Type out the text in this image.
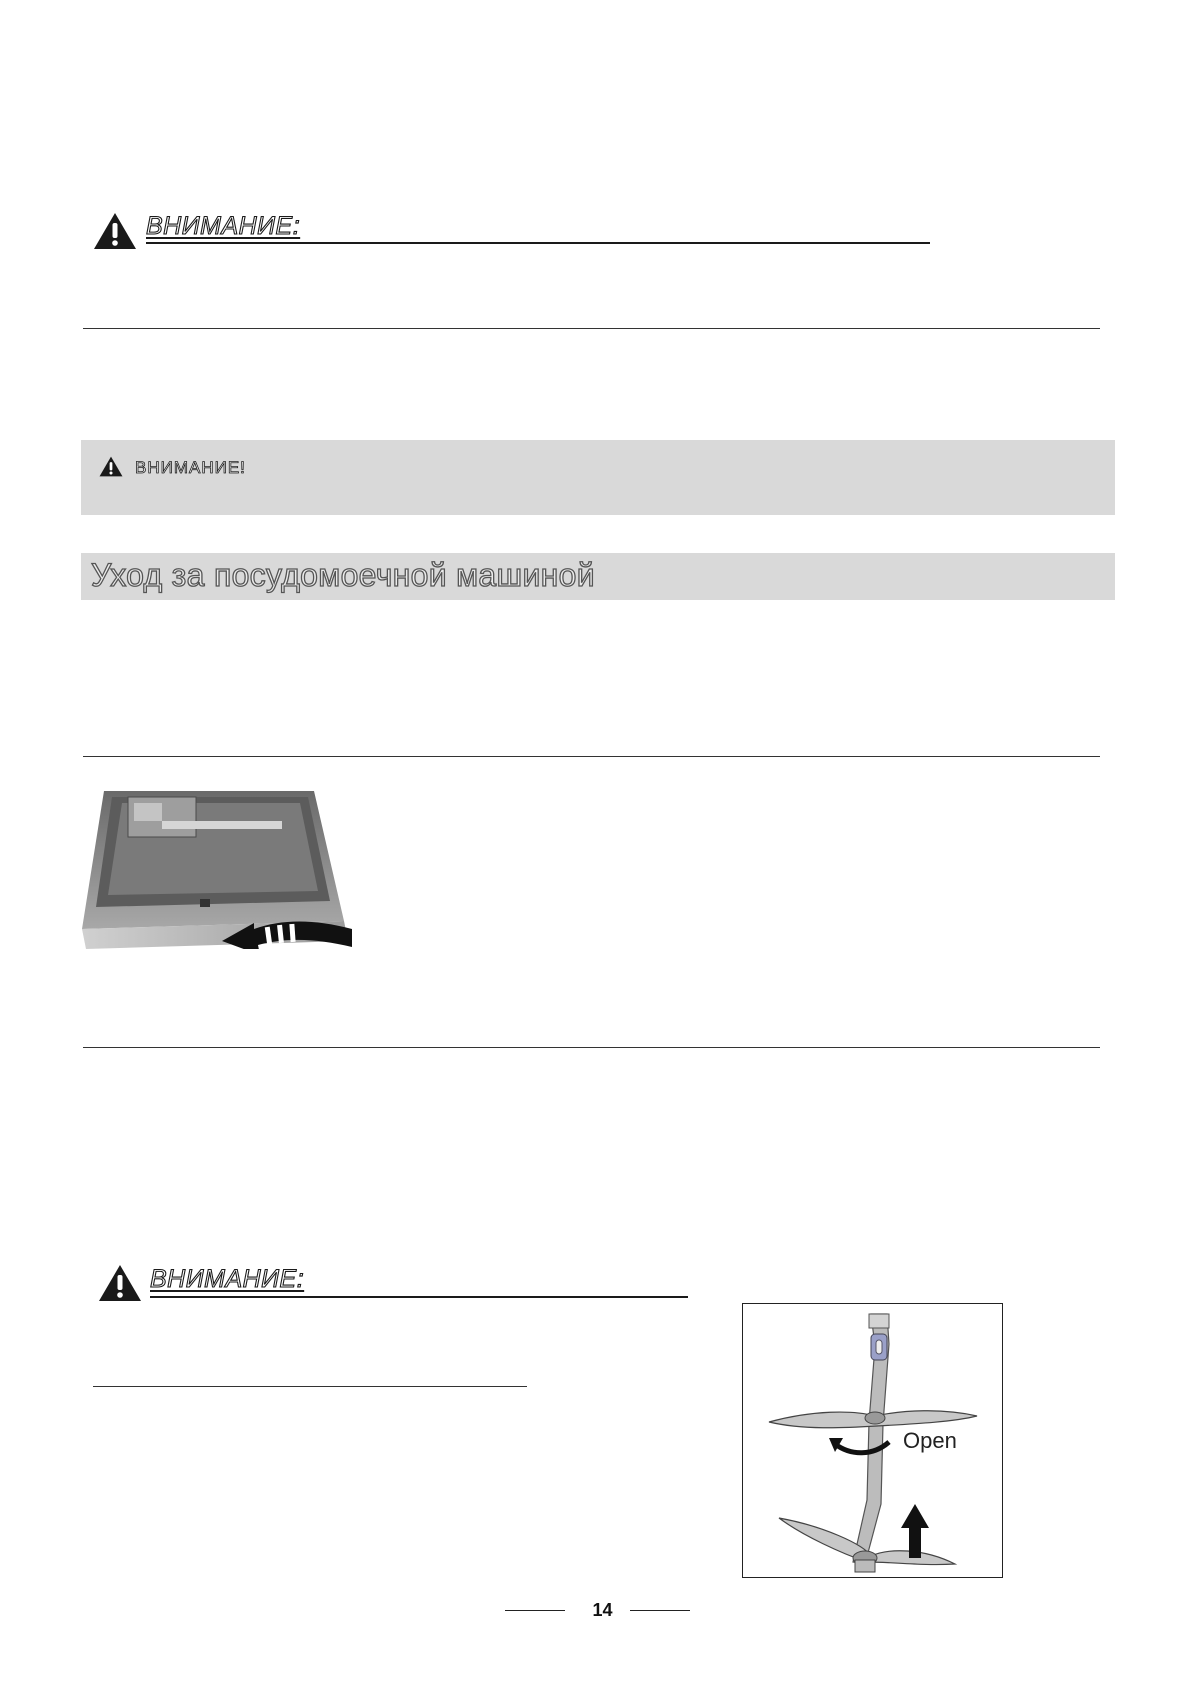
ВНИМАНИЕ:
ВНИМАНИЕ!
Уход за посудомоечной машиной
ВНИМАНИЕ:
Open
14
